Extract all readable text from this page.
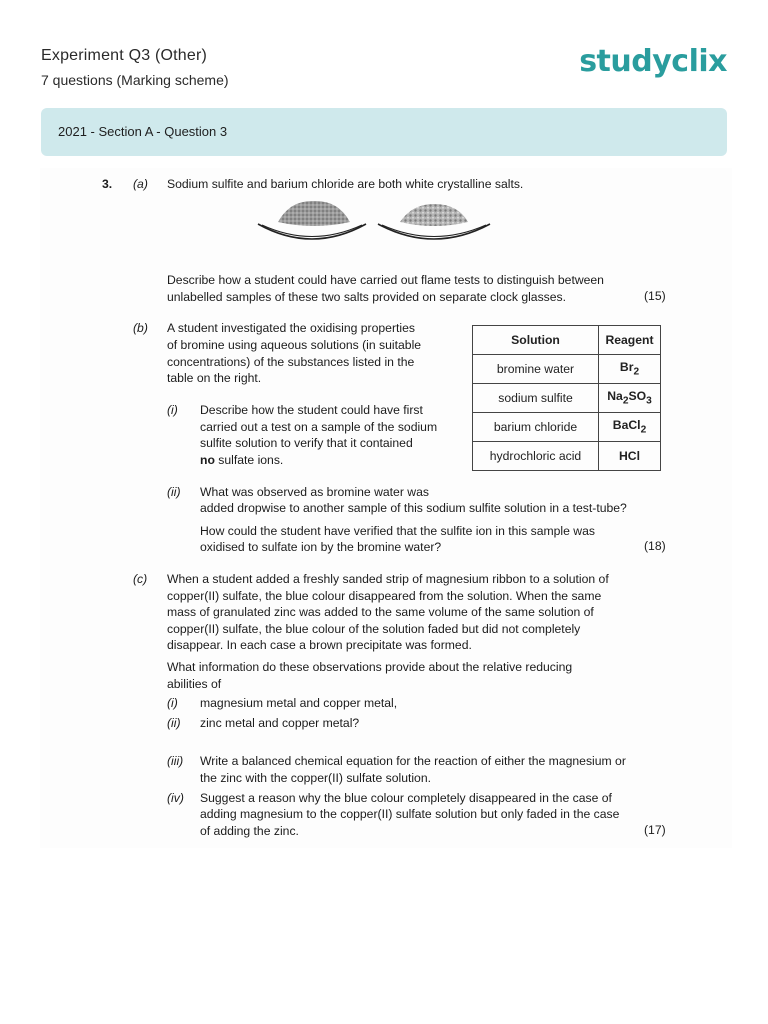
Experiment Q3 (Other)
7 questions (Marking scheme)
studyclix
2021 - Section A - Question 3
3. (a) Sodium sulfite and barium chloride are both white crystalline salts.
Describe how a student could have carried out flame tests to distinguish between
unlabelled samples of these two salts provided on separate clock glasses.	(15)
(b) A student investigated the oxidising properties
of bromine using aqueous solutions (in suitable
concentrations) of the substances listed in the
table on the right.
(i) Describe how the student could have first
carried out a test on a sample of the sodium
sulfite solution to verify that it contained
no sulfate ions.
Solution	Reagent
bromine water	$Br_2$
sodium sulfite	$Na_2SO_3$
barium chloride	BaCl$_2$
hydrochloric acid	HCl
(ii) What was observed as bromine water was
added dropwise to another sample of this sodium sulfite solution in a test-tube?
How could the student have verified that the sulfite ion in this sample was
oxidised to sulfate ion by the bromine water?	(18)
(c) When a student added a freshly sanded strip of magnesium ribbon to a solution of
copper(II) sulfate, the blue colour disappeared from the solution. When the same
mass of granulated zinc was added to the same volume of the same solution of
copper(II) sulfate, the blue colour of the solution faded but did not completely
disappear. In each case a brown precipitate was formed.
What information do these observations provide about the relative reducing
abilities of
(i) magnesium metal and copper metal,
(ii) zinc metal and copper metal?
(iii) Write a balanced chemical equation for the reaction of either the magnesium or
the zinc with the copper(II) sulfate solution.
(iv) Suggest a reason why the blue colour completely disappeared in the case of
adding magnesium to the copper(II) sulfate solution but only faded in the case
of adding the zinc.	(17)
